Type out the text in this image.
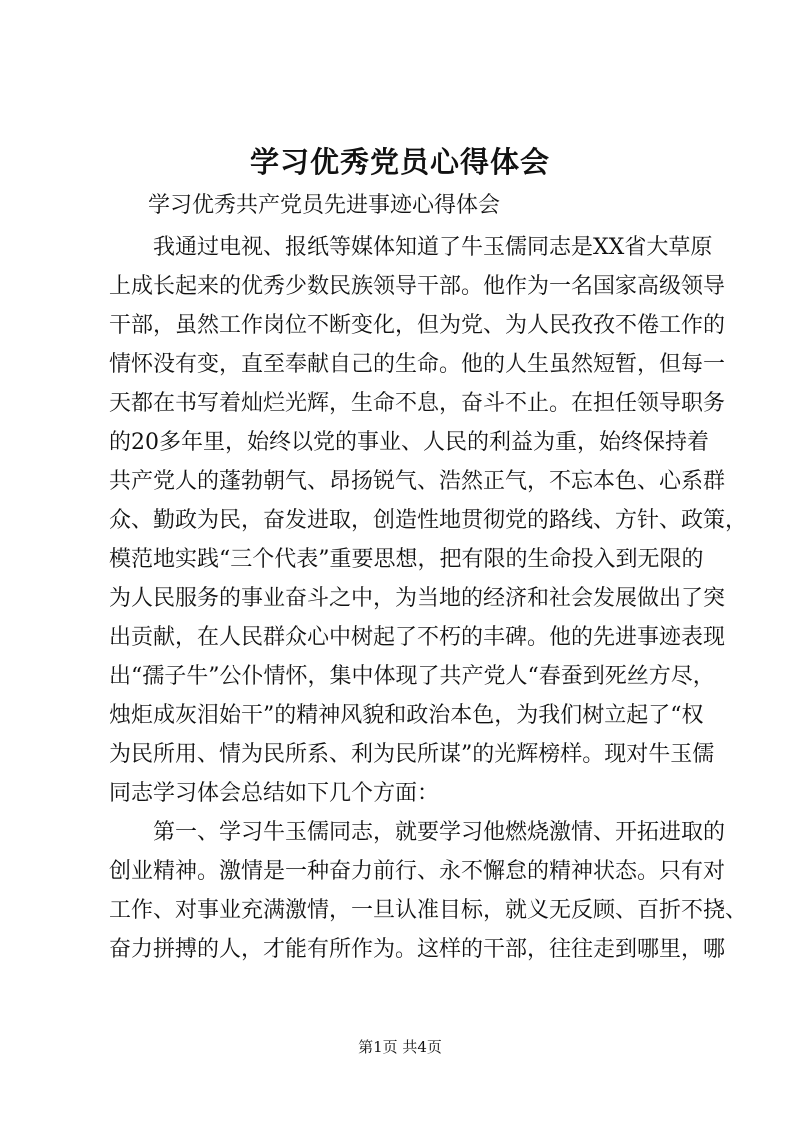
学习优秀党员心得体会
学习优秀共产党员先进事迹心得体会
我通过电视、报纸等媒体知道了牛玉儒同志是XX省大草原
上成长起来的优秀少数民族领导干部。他作为一名国家高级领导
干部，虽然工作岗位不断变化，但为党、为人民孜孜不倦工作的
情怀没有变，直至奉献自己的生命。他的人生虽然短暂，但每一
天都在书写着灿烂光辉，生命不息，奋斗不止。在担任领导职务
的20多年里，始终以党的事业、人民的利益为重，始终保持着
共产党人的蓬勃朝气、昂扬锐气、浩然正气，不忘本色、心系群
众、勤政为民，奋发进取，创造性地贯彻党的路线、方针、政策，
模范地实践“三个代表”重要思想，把有限的生命投入到无限的
为人民服务的事业奋斗之中，为当地的经济和社会发展做出了突
出贡献，在人民群众心中树起了不朽的丰碑。他的先进事迹表现
出“孺子牛”公仆情怀，集中体现了共产党人“春蚕到死丝方尽，
烛炬成灰泪始干”的精神风貌和政治本色，为我们树立起了“权
为民所用、情为民所系、利为民所谋”的光辉榜样。现对牛玉儒
同志学习体会总结如下几个方面：
第一、学习牛玉儒同志，就要学习他燃烧激情、开拓进取的
创业精神。激情是一种奋力前行、永不懈怠的精神状态。只有对
工作、对事业充满激情，一旦认准目标，就义无反顾、百折不挠、
奋力拼搏的人，才能有所作为。这样的干部，往往走到哪里，哪
第1页 共4页
